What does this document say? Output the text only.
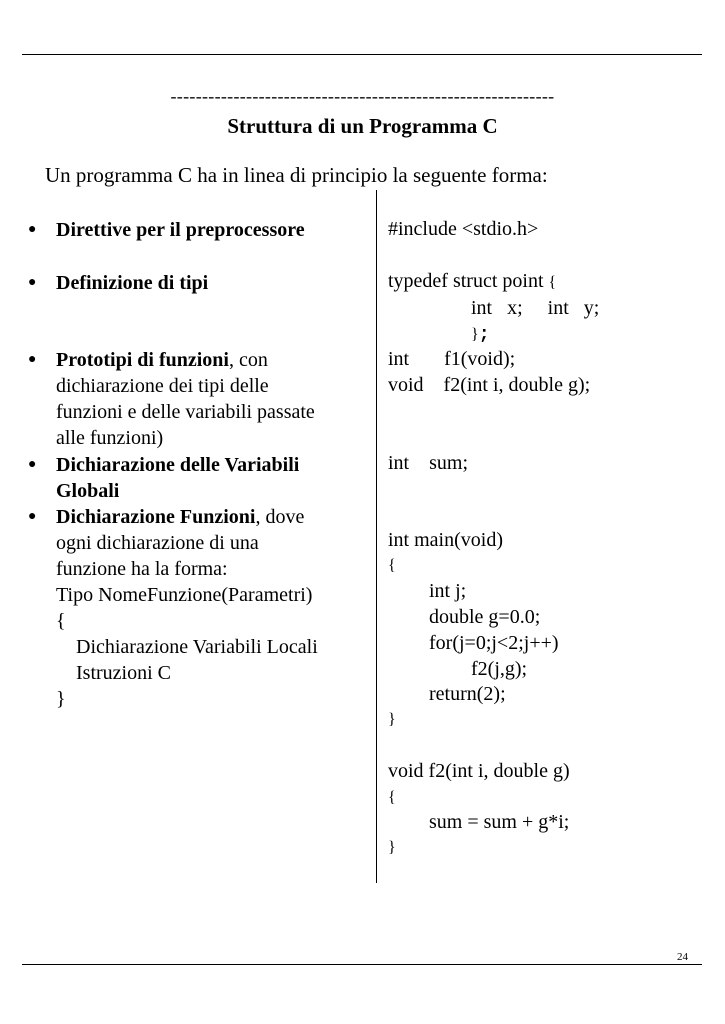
-------------------------------------------------------------
Struttura di un Programma C
Un programma C ha in linea di principio la seguente forma:
● Direttive per il preprocessore
● Definizione di tipi
● Prototipi di funzioni, con
dichiarazione dei tipi delle
funzioni e delle variabili passate
alle funzioni)
● Dichiarazione delle Variabili
Globali
● Dichiarazione Funzioni, dove
ogni dichiarazione di una
funzione ha la forma:
Tipo NomeFunzione(Parametri)
{
Dichiarazione Variabili Locali
Istruzioni C
}
#include <stdio.h>
typedef struct point {
int   x;     int   y;
};
int       f1(void);
void    f2(int i, double g);
int    sum;
int main(void)
{
int j;
double g=0.0;
for(j=0;j<2;j++)
f2(j,g);
return(2);
}
void f2(int i, double g)
{
sum = sum + g*i;
}
24
